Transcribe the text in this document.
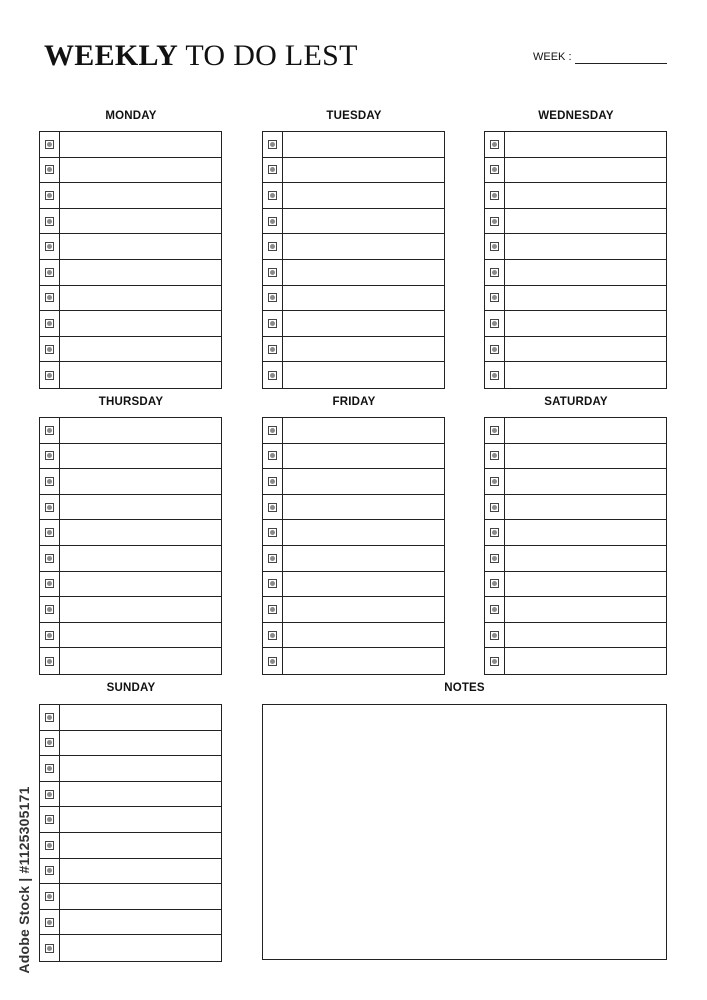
WEEKLY TO DO LEST	WEEK :
MONDAY	TUESDAY	WEDNESDAY
THURSDAY	FRIDAY	SATURDAY
SUNDAY	NOTES
Adobe Stock | #1125305171
